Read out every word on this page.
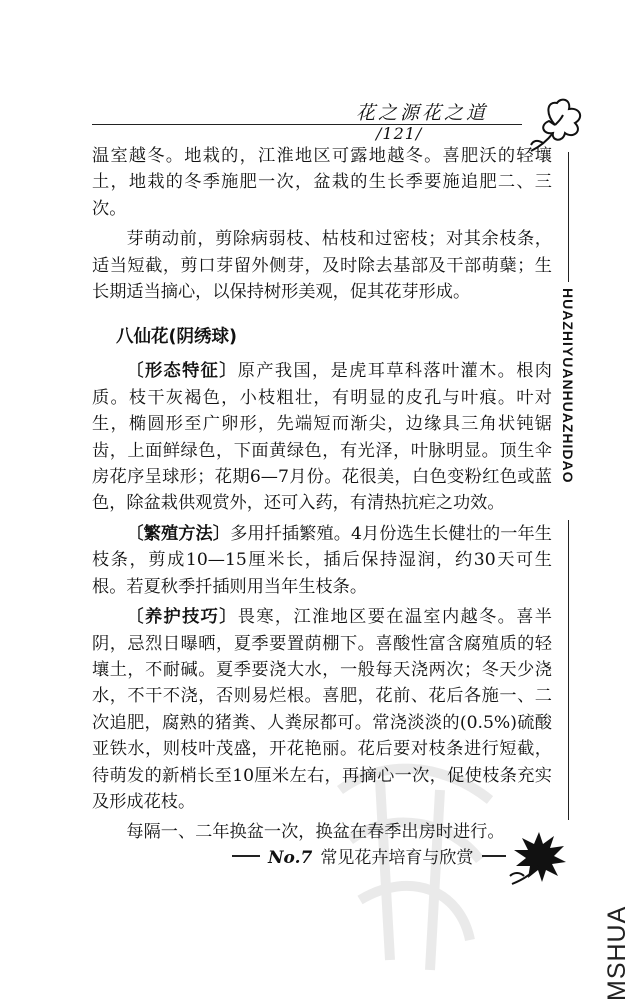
花之源花之道
/121/
HUAZHIYUANHUAZHIDAO

温室越冬。地栽的，江淮地区可露地越冬。喜肥沃的轻壤土，地栽的冬季施肥一次，盆栽的生长季要施追肥二、三次。

芽萌动前，剪除病弱枝、枯枝和过密枝；对其余枝条，适当短截，剪口芽留外侧芽，及时除去基部及干部萌蘖；生长期适当摘心，以保持树形美观，促其花芽形成。

八仙花(阴绣球)

〔形态特征〕原产我国，是虎耳草科落叶灌木。根肉质。枝干灰褐色，小枝粗壮，有明显的皮孔与叶痕。叶对生，椭圆形至广卵形，先端短而渐尖，边缘具三角状钝锯齿，上面鲜绿色，下面黄绿色，有光泽，叶脉明显。顶生伞房花序呈球形；花期6—7月份。花很美，白色变粉红色或蓝色，除盆栽供观赏外，还可入药，有清热抗疟之功效。

〔繁殖方法〕多用扦插繁殖。4月份选生长健壮的一年生枝条，剪成10—15厘米长，插后保持湿润，约30天可生根。若夏秋季扦插则用当年生枝条。

〔养护技巧〕畏寒，江淮地区要在温室内越冬。喜半阴，忌烈日曝晒，夏季要置荫棚下。喜酸性富含腐殖质的轻壤土，不耐碱。夏季要浇大水，一般每天浇两次；冬天少浇水，不干不浇，否则易烂根。喜肥，花前、花后各施一、二次追肥，腐熟的猪粪、人粪尿都可。常浇淡淡的(0.5%)硫酸亚铁水，则枝叶茂盛，开花艳丽。花后要对枝条进行短截，待萌发的新梢长至10厘米左右，再摘心一次，促使枝条充实及形成花枝。

每隔一、二年换盆一次，换盆在春季出房时进行。

No.7 常见花卉培育与欣赏
MSHUA
